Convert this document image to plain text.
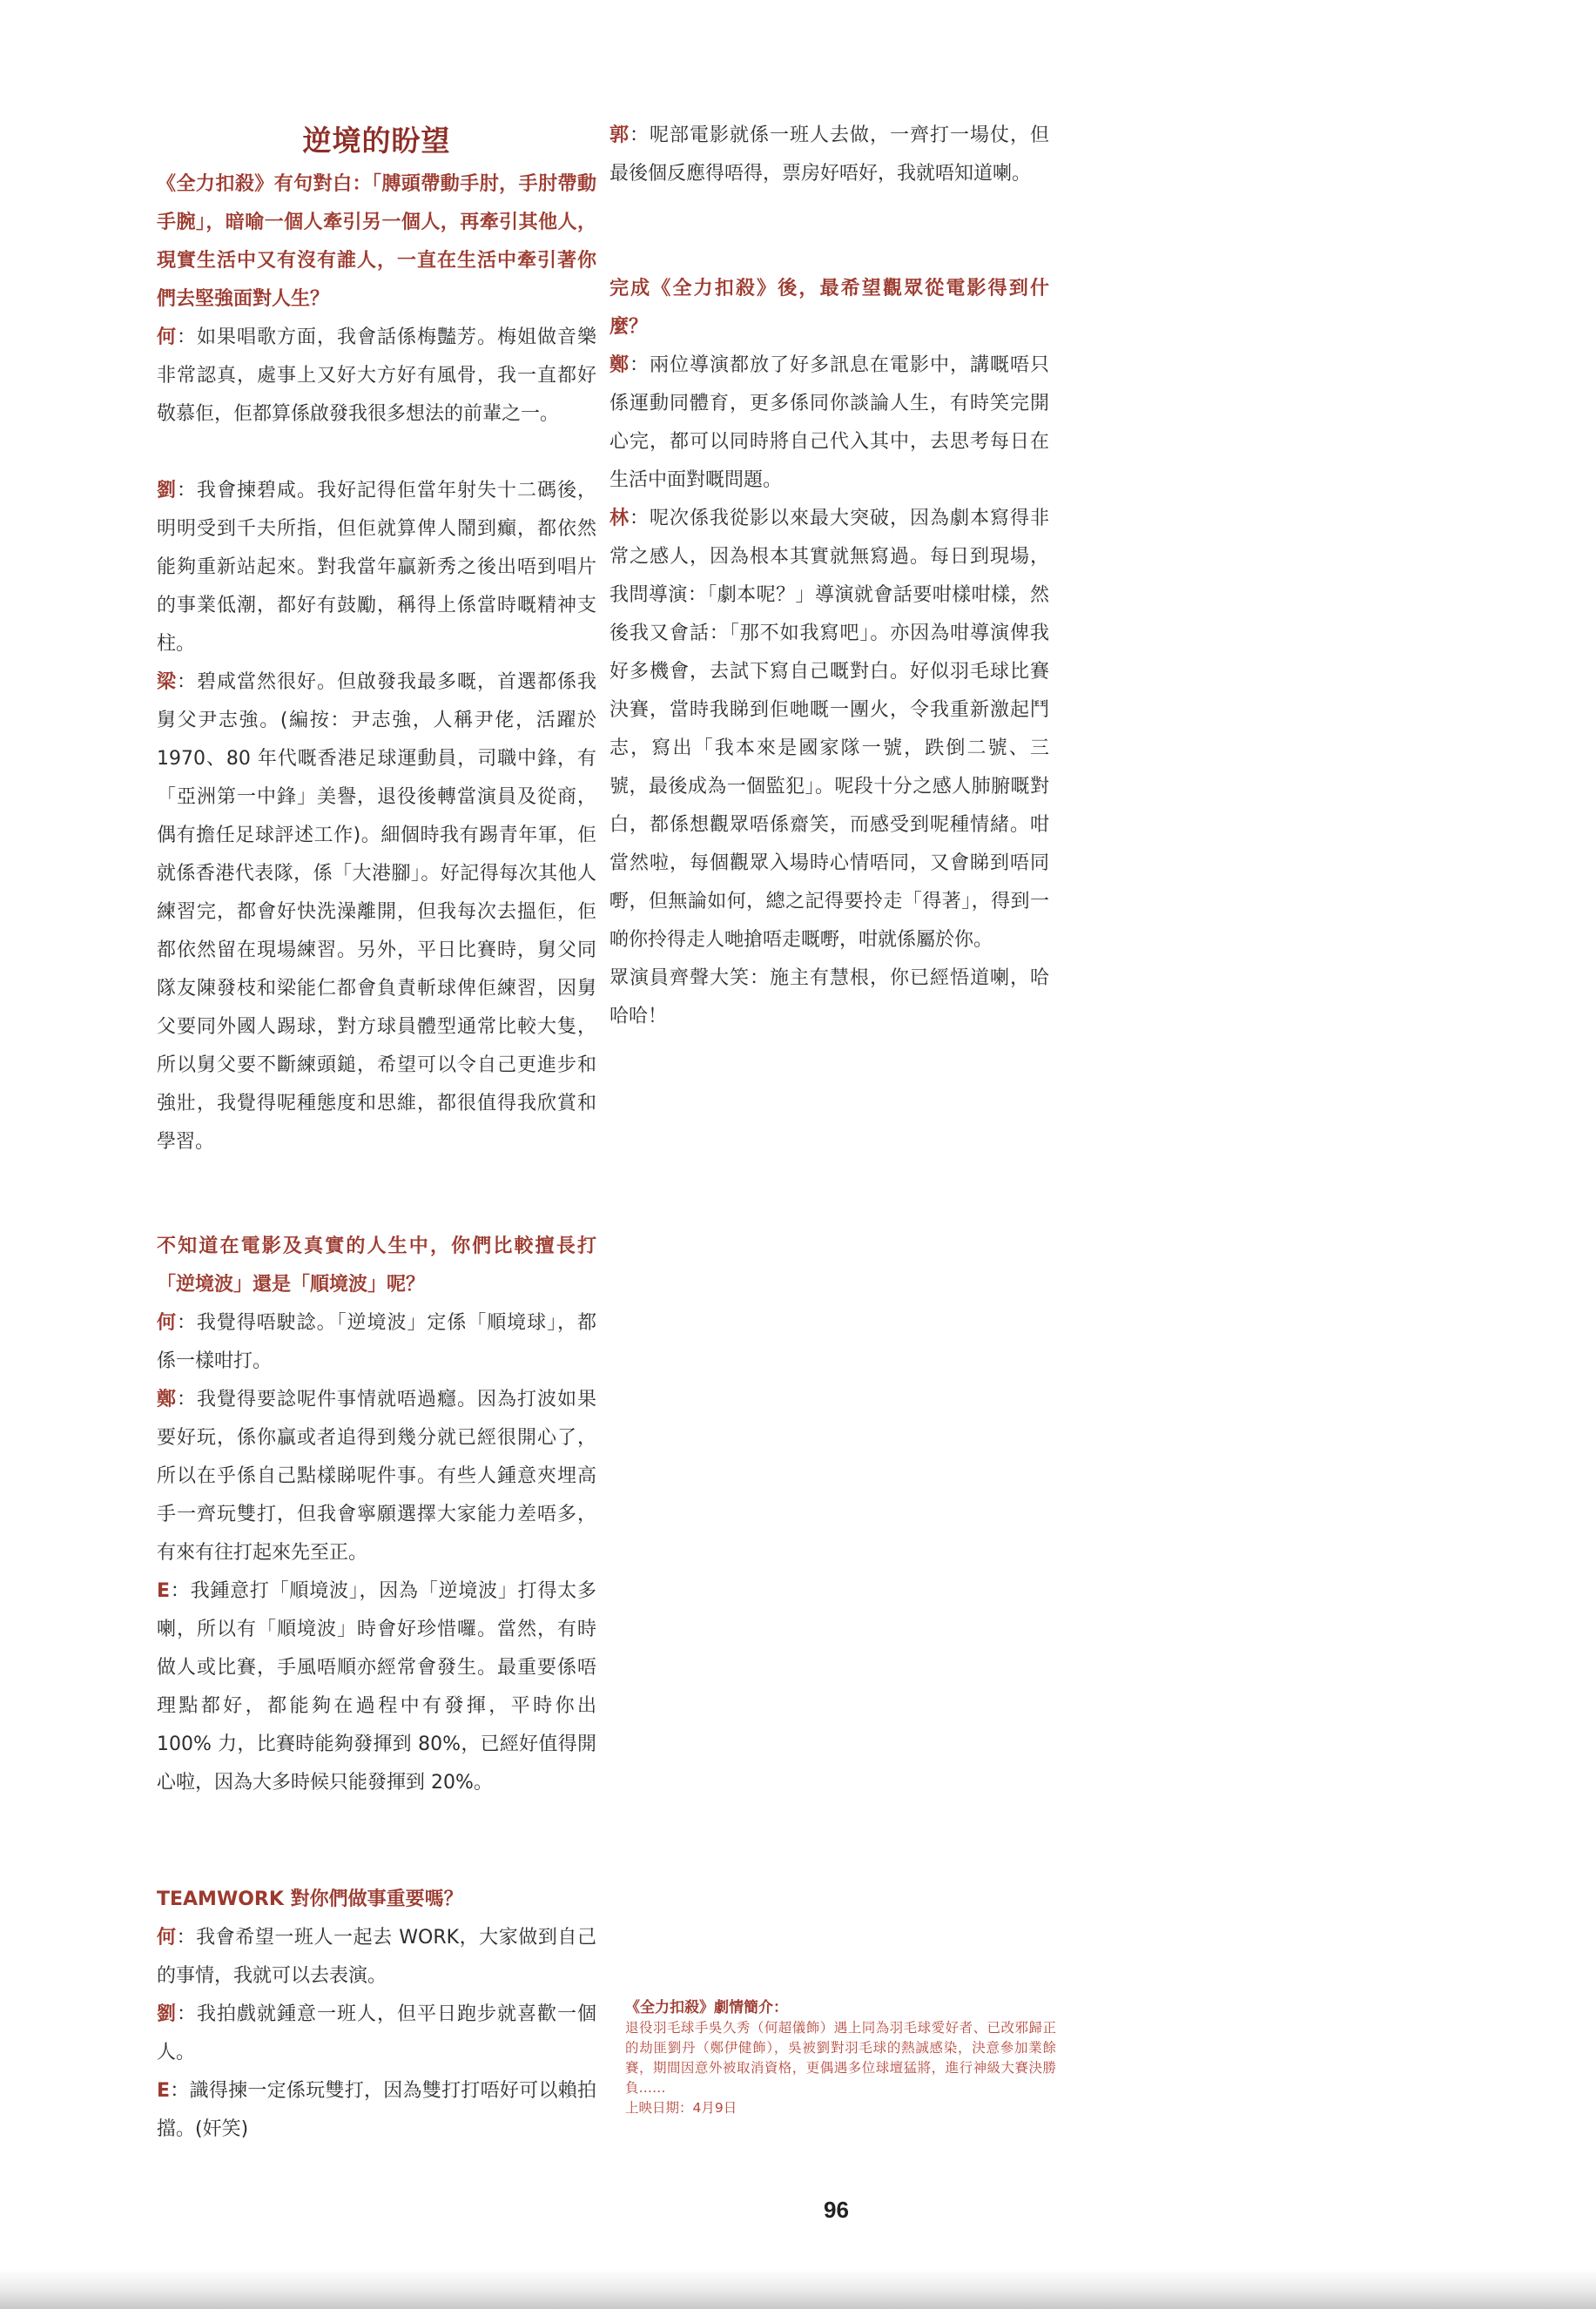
逆境的盼望

《全力扣殺》有句對白：「膊頭帶動手肘，手肘帶動手腕」，暗喻一個人牽引另一個人，再牽引其他人，現實生活中又有沒有誰人，一直在生活中牽引著你們去堅強面對人生？

何：如果唱歌方面，我會話係梅豔芳。梅姐做音樂非常認真，處事上又好大方好有風骨，我一直都好敬慕佢，佢都算係啟發我很多想法的前輩之一。

劉：我會揀碧咸。我好記得佢當年射失十二碼後，明明受到千夫所指，但佢就算俾人鬧到癲，都依然能夠重新站起來。對我當年贏新秀之後出唔到唱片的事業低潮，都好有鼓勵，稱得上係當時嘅精神支柱。

梁：碧咸當然很好。但啟發我最多嘅，首選都係我舅父尹志強。(編按：尹志強，人稱尹佬，活躍於 1970、80 年代嘅香港足球運動員，司職中鋒，有「亞洲第一中鋒」美譽，退役後轉當演員及從商，偶有擔任足球評述工作)。細個時我有踢青年軍，佢就係香港代表隊，係「大港腳」。好記得每次其他人練習完，都會好快洗澡離開，但我每次去搵佢，佢都依然留在現場練習。另外，平日比賽時，舅父同隊友陳發枝和梁能仁都會負責斬球俾佢練習，因舅父要同外國人踢球，對方球員體型通常比較大隻，所以舅父要不斷練頭鎚，希望可以令自己更進步和強壯，我覺得呢種態度和思維，都很值得我欣賞和學習。

不知道在電影及真實的人生中，你們比較擅長打「逆境波」還是「順境波」呢？

何：我覺得唔駛諗。「逆境波」定係「順境球」，都係一樣咁打。

鄭：我覺得要諗呢件事情就唔過癮。因為打波如果要好玩，係你贏或者追得到幾分就已經很開心了，所以在乎係自己點樣睇呢件事。有些人鍾意夾埋高手一齊玩雙打，但我會寧願選擇大家能力差唔多，有來有往打起來先至正。

E：我鍾意打「順境波」，因為「逆境波」打得太多喇，所以有「順境波」時會好珍惜囉。當然，有時做人或比賽，手風唔順亦經常會發生。最重要係唔理點都好，都能夠在過程中有發揮，平時你出 100% 力，比賽時能夠發揮到 80%，已經好值得開心啦，因為大多時候只能發揮到 20%。

TEAMWORK 對你們做事重要嗎？

何：我會希望一班人一起去 WORK，大家做到自己的事情，我就可以去表演。

劉：我拍戲就鍾意一班人，但平日跑步就喜歡一個人。

E：識得揀一定係玩雙打，因為雙打打唔好可以賴拍擋。(奸笑)

郭：呢部電影就係一班人去做，一齊打一場仗，但最後個反應得唔得，票房好唔好，我就唔知道喇。

完成《全力扣殺》後，最希望觀眾從電影得到什麼？

鄭：兩位導演都放了好多訊息在電影中，講嘅唔只係運動同體育，更多係同你談論人生，有時笑完開心完，都可以同時將自己代入其中，去思考每日在生活中面對嘅問題。

林：呢次係我從影以來最大突破，因為劇本寫得非常之感人，因為根本其實就無寫過。每日到現場，我問導演：「劇本呢？」導演就會話要咁樣咁樣，然後我又會話：「那不如我寫吧」。亦因為咁導演俾我好多機會，去試下寫自己嘅對白。好似羽毛球比賽決賽，當時我睇到佢哋嘅一團火，令我重新激起鬥志，寫出「我本來是國家隊一號，跌倒二號、三號，最後成為一個監犯」。呢段十分之感人肺腑嘅對白，都係想觀眾唔係齋笑，而感受到呢種情緒。咁當然啦，每個觀眾入場時心情唔同，又會睇到唔同嘢，但無論如何，總之記得要拎走「得著」，得到一啲你拎得走人哋搶唔走嘅嘢，咁就係屬於你。

眾演員齊聲大笑：施主有慧根，你已經悟道喇，哈哈哈！

《全力扣殺》劇情簡介：
退役羽毛球手吳久秀（何超儀飾）遇上同為羽毛球愛好者、已改邪歸正的劫匪劉丹（鄭伊健飾），吳被劉對羽毛球的熱誠感染，決意參加業餘賽，期間因意外被取消資格，更偶遇多位球壇猛將，進行神級大賽決勝負……
上映日期：4月9日
96
